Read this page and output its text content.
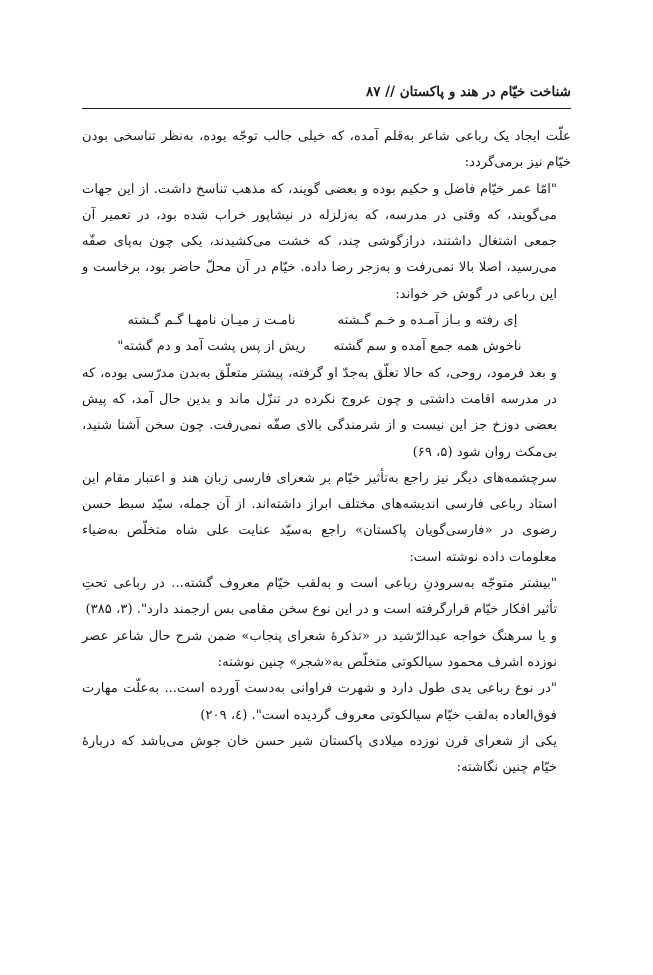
شناخت خیّام در هند و پاکستان // ۸۷

علّت ایجاد یک رباعی شاعر به‌قلم آمده، که خیلی جالب توجّه بوده، به‌نظر تناسخی بودن خیّام نیز برمی‌گردد:

"امّا عمر خیّام فاضل و حکیم بوده و بعضی گویند، که مذهب تناسخ داشت. از این جهات می‌گویند، که وقتی در مدرسه، که به‌زلزله در نیشاپور خراب شده بود، در تعمیر آن جمعی اشتغال داشتند، درازگوشی چند، که خشت می‌کشیدند، یکی چون به‌پای صفّه می‌رسید، اصلا بالا نمی‌رفت و به‌زجر رضا داده. خیّام در آن محلّ حاضر بود، برخاست و این رباعی در گوش خر خواند:

إی رفته و بـاز آمـده و خـم گـشته
نامـت ز میـان نامهـا گـم گـشته
ناخوش همه جمع آمده و سم گشته
ریش از پس پشت آمد و دم گشته"

و بعد فرمود، روحی، که حالا تعلّق به‌جدّ او گرفته، پیشتر متعلّق به‌بدن مدرّسی بوده، که در مدرسه اقامت داشتی و چون عروج نکرده در تنزّل ماند و بدین حال آمد، که پیش بعضی دوزخ جز این نیست و از شرمندگی بالای صفّه نمی‌رفت. چون سخن آشنا شنید، بی‌مکث روان شود (۵، ۶۹)

سرچشمه‌های دیگر نیز راجع به‌تأثیر خیّام بر شعرای فارسی زبان هند و اعتبار مقام این استاد رباعی فارسی اندیشه‌های مختلف ابراز داشته‌اند. از آن جمله، سیّد سبط حسن رضوی در «فارسی‌گویان پاکستان» راجع به‌سیّد عنایت علی شاه متخلّص به‌ضیاء معلومات داده نوشته است:

"بیشتر متوجّه به‌سرودنِ رباعی است و به‌لقب خیّام معروف گشته... در رباعی تحتِ تأثیر افکار خیّام قرارگرفته است و در این نوع سخن مقامی بس ارجمند دارد". (۳، ۳۸۵)

و یا سرهنگ خواجه عبدالرّشید در «تذکرهٔ شعرای پنجاب» ضمن شرح حال شاعر عصر نوزده اشرف محمود سیالکوتی متخلّص به«شجر» چنین نوشته:

"در نوع رباعی یدی طول دارد و شهرت فراوانی به‌دست آورده است... به‌علّت مهارت فوق‌العاده به‌لقب خیّام سیالکوتی معروف گردیده است". (٤، ۲۰۹)

یکی از شعرای قرن نوزده میلادی پاکستان شیر حسن خان جوش می‌باشد که دربارهٔ خیّام چنین نگاشته:
